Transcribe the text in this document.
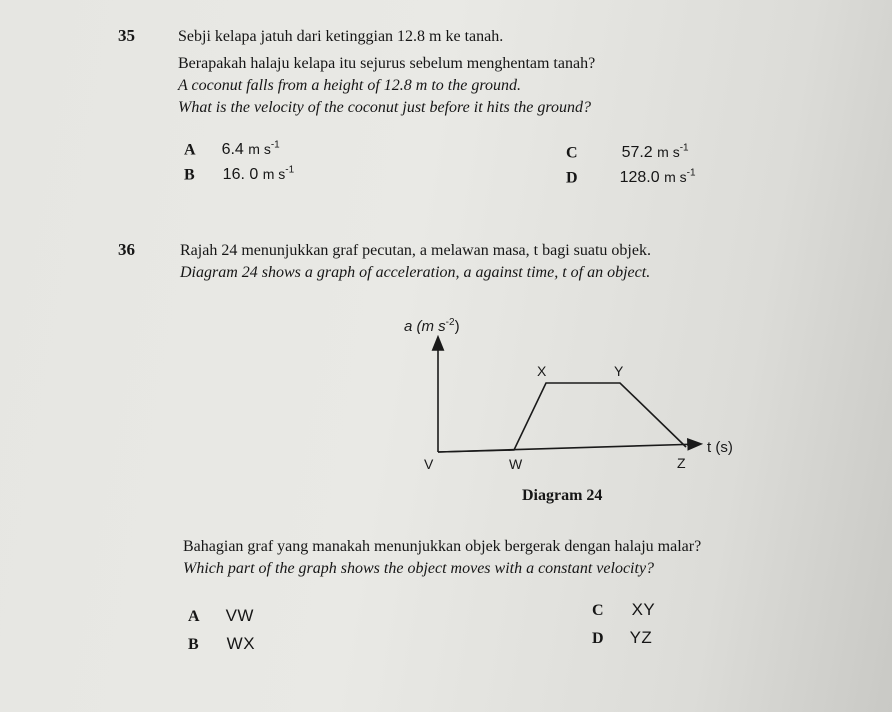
35	Sebji kelapa jatuh dari ketinggian 12.8 m ke tanah.
Berapakah halaju kelapa itu sejurus sebelum menghentam tanah?
A coconut falls from a height of 12.8 m to the ground.
What is the velocity of the coconut just before it hits the ground?
A 6.4 m $s^{-1}$
B 16. 0 m $s^{-1}$
C	57.2 m $s^{-1}$
D	128.0 m $s^{-1}$
36	Rajah 24 menunjukkan graf pecutan, a melawan masa, t bagi suatu objek.
Diagram 24 shows a graph of acceleration, a against time, t of an object.
a (m $s^{-2}$)
t (s)
V	W
X	Y
Z
Diagram 24
Bahagian graf yang manakah menunjukkan objek bergerak dengan halaju malar?
Which part of the graph shows the object moves with a constant velocity?
A VW
B WX
C XY
D YZ
